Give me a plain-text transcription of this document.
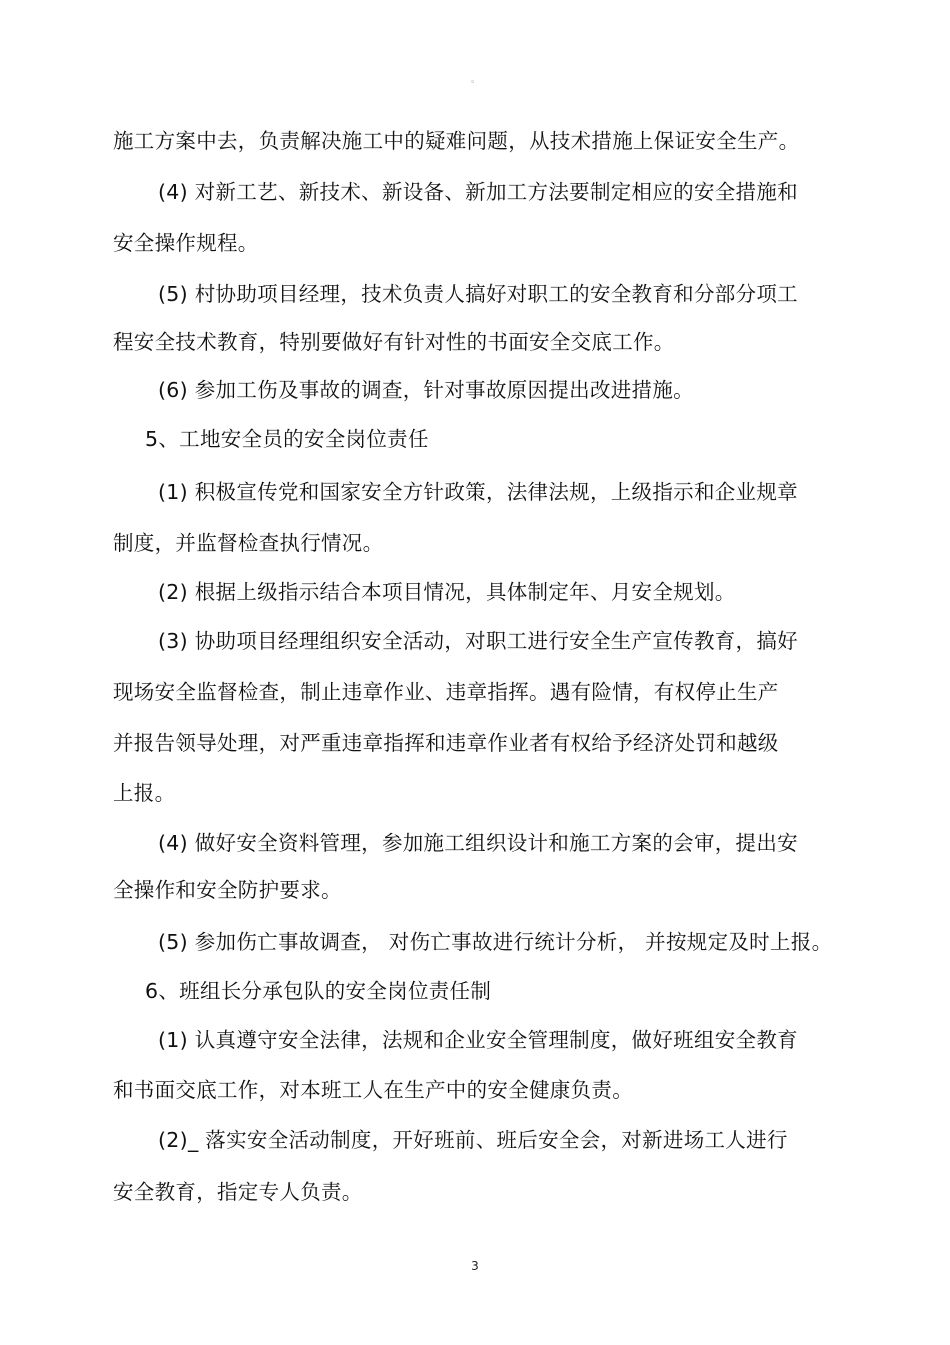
。
施工方案中去，负责解决施工中的疑难问题，从技术措施上保证安全生产。
(4) 对新工艺、新技术、新设备、新加工方法要制定相应的安全措施和
安全操作规程。
(5) 村协助项目经理，技术负责人搞好对职工的安全教育和分部分项工
程安全技术教育，特别要做好有针对性的书面安全交底工作。
(6) 参加工伤及事故的调查，针对事故原因提出改进措施。
5、工地安全员的安全岗位责任
(1) 积极宣传党和国家安全方针政策，法律法规，上级指示和企业规章
制度，并监督检查执行情况。
(2) 根据上级指示结合本项目情况，具体制定年、月安全规划。
(3) 协助项目经理组织安全活动，对职工进行安全生产宣传教育，搞好
现场安全监督检查，制止违章作业、违章指挥。遇有险情，有权停止生产
并报告领导处理，对严重违章指挥和违章作业者有权给予经济处罚和越级
上报。
(4) 做好安全资料管理，参加施工组织设计和施工方案的会审，提出安
全操作和安全防护要求。
(5) 参加伤亡事故调查， 对伤亡事故进行统计分析， 并按规定及时上报。
6、班组长分承包队的安全岗位责任制
(1) 认真遵守安全法律，法规和企业安全管理制度，做好班组安全教育
和书面交底工作，对本班工人在生产中的安全健康负责。
(2)_ 落实安全活动制度，开好班前、班后安全会，对新进场工人进行
安全教育，指定专人负责。
3
